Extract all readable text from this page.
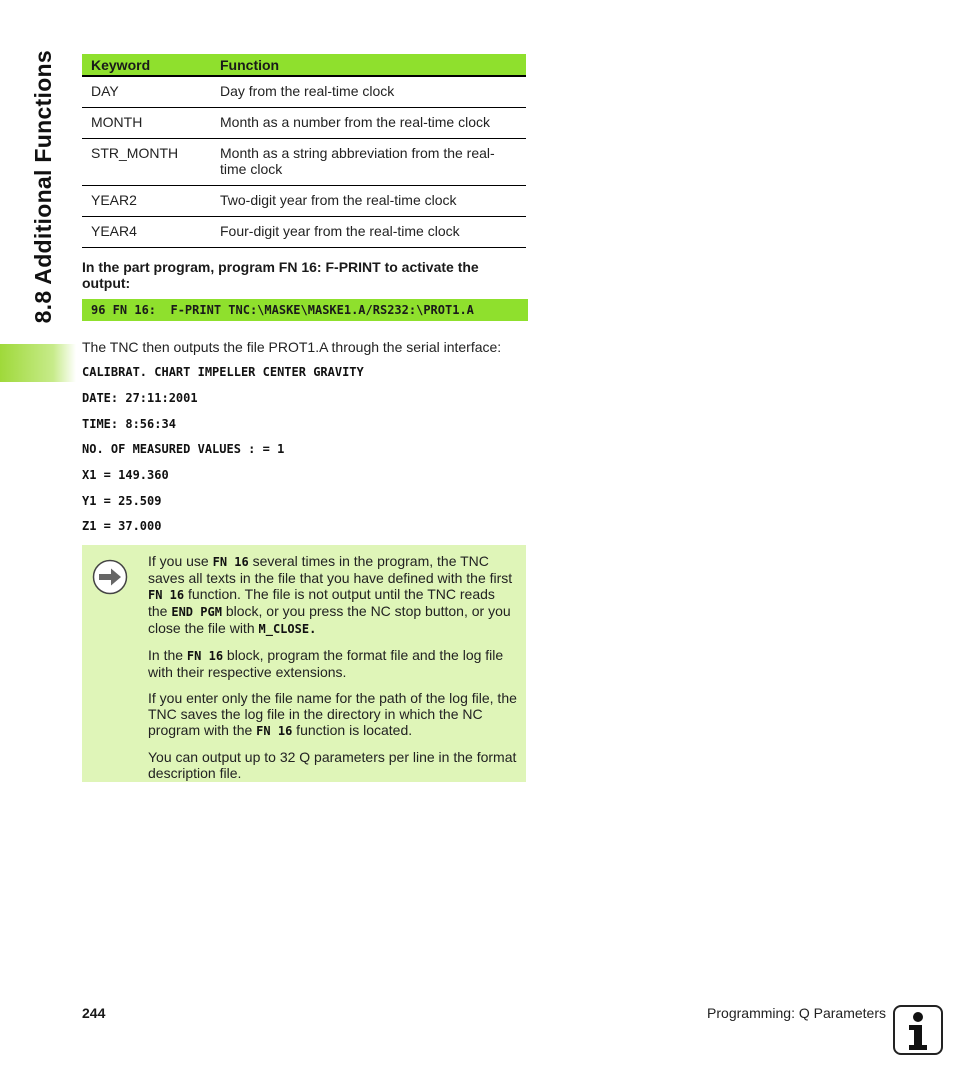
8.8 Additional Functions	Keyword	Function
DAY	Day from the real-time clock
MONTH	Month as a number from the real-time clock
STR_MONTH	Month as a string abbreviation from the real-time clock
YEAR2	Two-digit year from the real-time clock
YEAR4	Four-digit year from the real-time clock
In the part program, program FN 16: F-PRINT to activate the output:
96 FN 16:  F-PRINT TNC:\MASKE\MASKE1.A/RS232:\PROT1.A
The TNC then outputs the file PROT1.A through the serial interface:
CALIBRAT. CHART IMPELLER CENTER GRAVITY
DATE: 27:11:2001
TIME: 8:56:34
NO. OF MEASURED VALUES : = 1
X1 = 149.360
Y1 = 25.509
Z1 = 37.000

If you use FN 16 several times in the program, the TNC saves all texts in the file that you have defined with the first FN 16 function. The file is not output until the TNC reads the END PGM block, or you press the NC stop button, or you close the file with M_CLOSE.

In the FN 16 block, program the format file and the log file with their respective extensions.

If you enter only the file name for the path of the log file, the TNC saves the log file in the directory in which the NC program with the FN 16 function is located.

You can output up to 32 Q parameters per line in the format description file.

244	Programming: Q Parameters
